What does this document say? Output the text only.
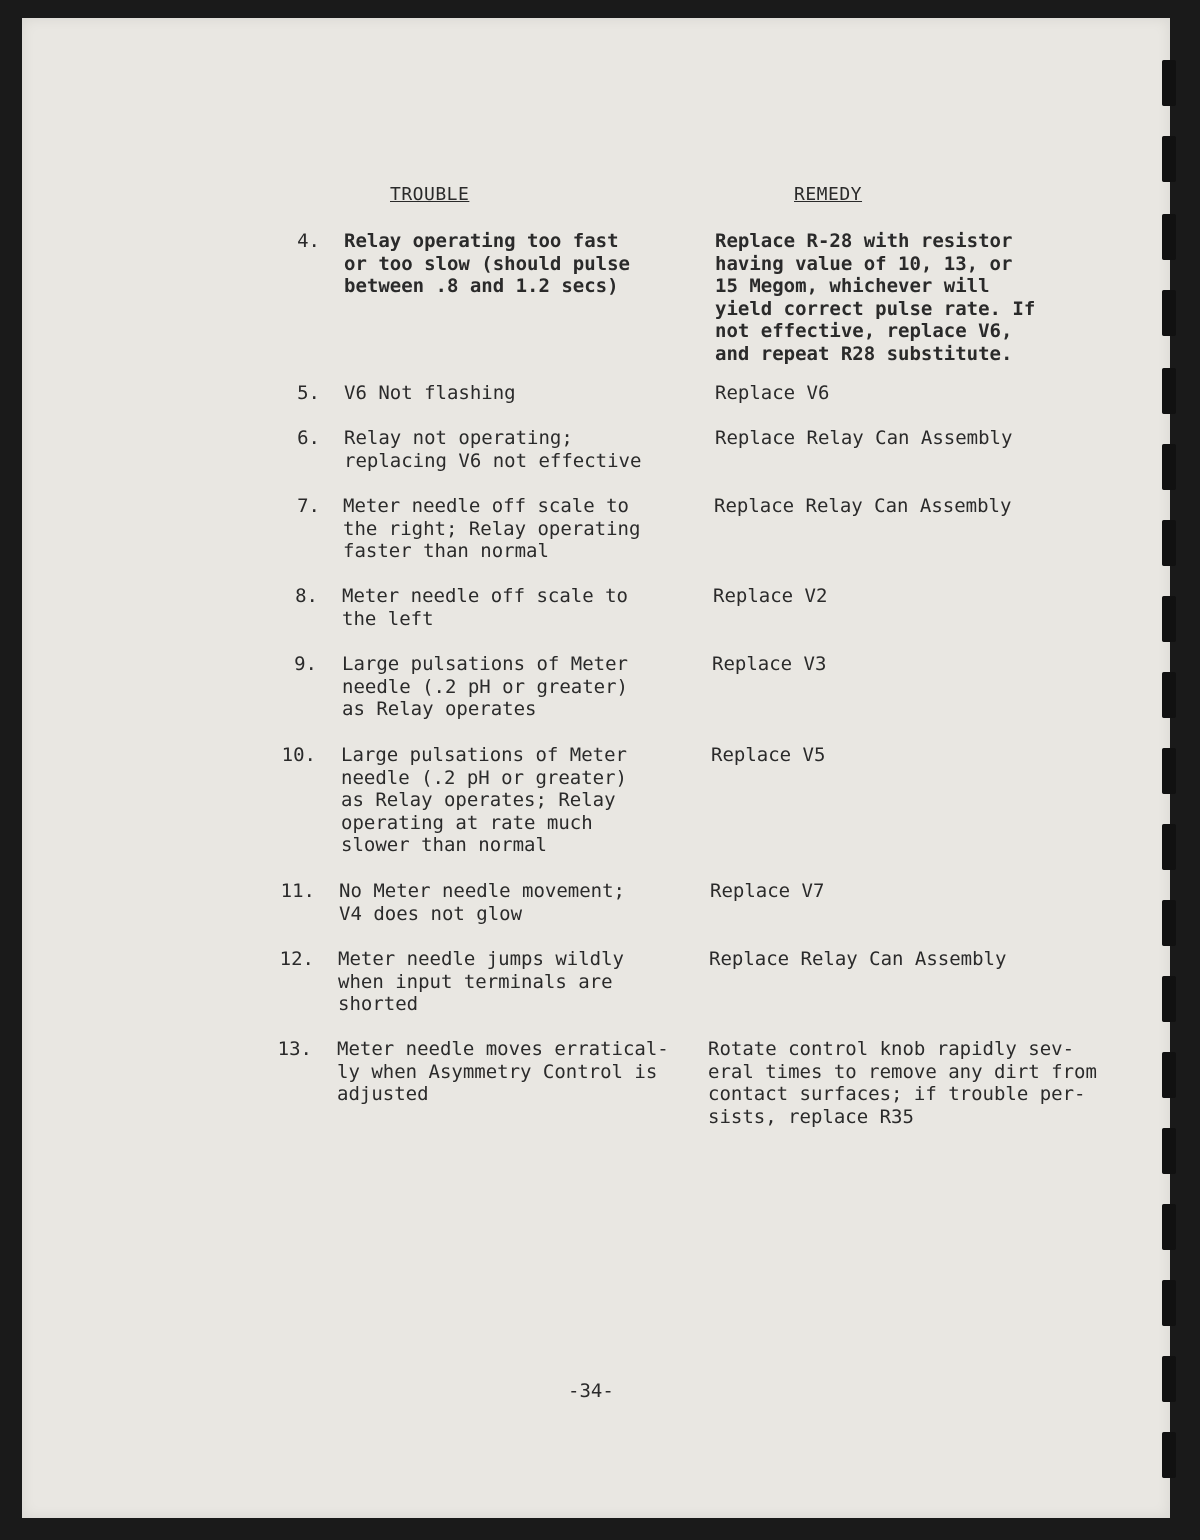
TROUBLE	REMEDY
4. Relay operating too fast
or too slow (should pulse
between .8 and 1.2 secs)
Replace R-28 with resistor
having value of 10, 13, or
15 Megom, whichever will
yield correct pulse rate. If
not effective, replace V6,
and repeat R28 substitute.
5. V6 Not flashing	Replace V6
6. Relay not operating;
replacing V6 not effective
Replace Relay Can Assembly
7. Meter needle off scale to
the right; Relay operating
faster than normal
Replace Relay Can Assembly
8. Meter needle off scale to
the left
Replace V2
9. Large pulsations of Meter
needle (.2 pH or greater)
as Relay operates
Replace V3
10. Large pulsations of Meter
needle (.2 pH or greater)
as Relay operates; Relay
operating at rate much
slower than normal
Replace V5
11. No Meter needle movement;
V4 does not glow
Replace V7
12. Meter needle jumps wildly
when input terminals are
shorted
Replace Relay Can Assembly
13. Meter needle moves erratical-
ly when Asymmetry Control is
adjusted
Rotate control knob rapidly sev-
eral times to remove any dirt from
contact surfaces; if trouble per-
sists, replace R35
-34-
